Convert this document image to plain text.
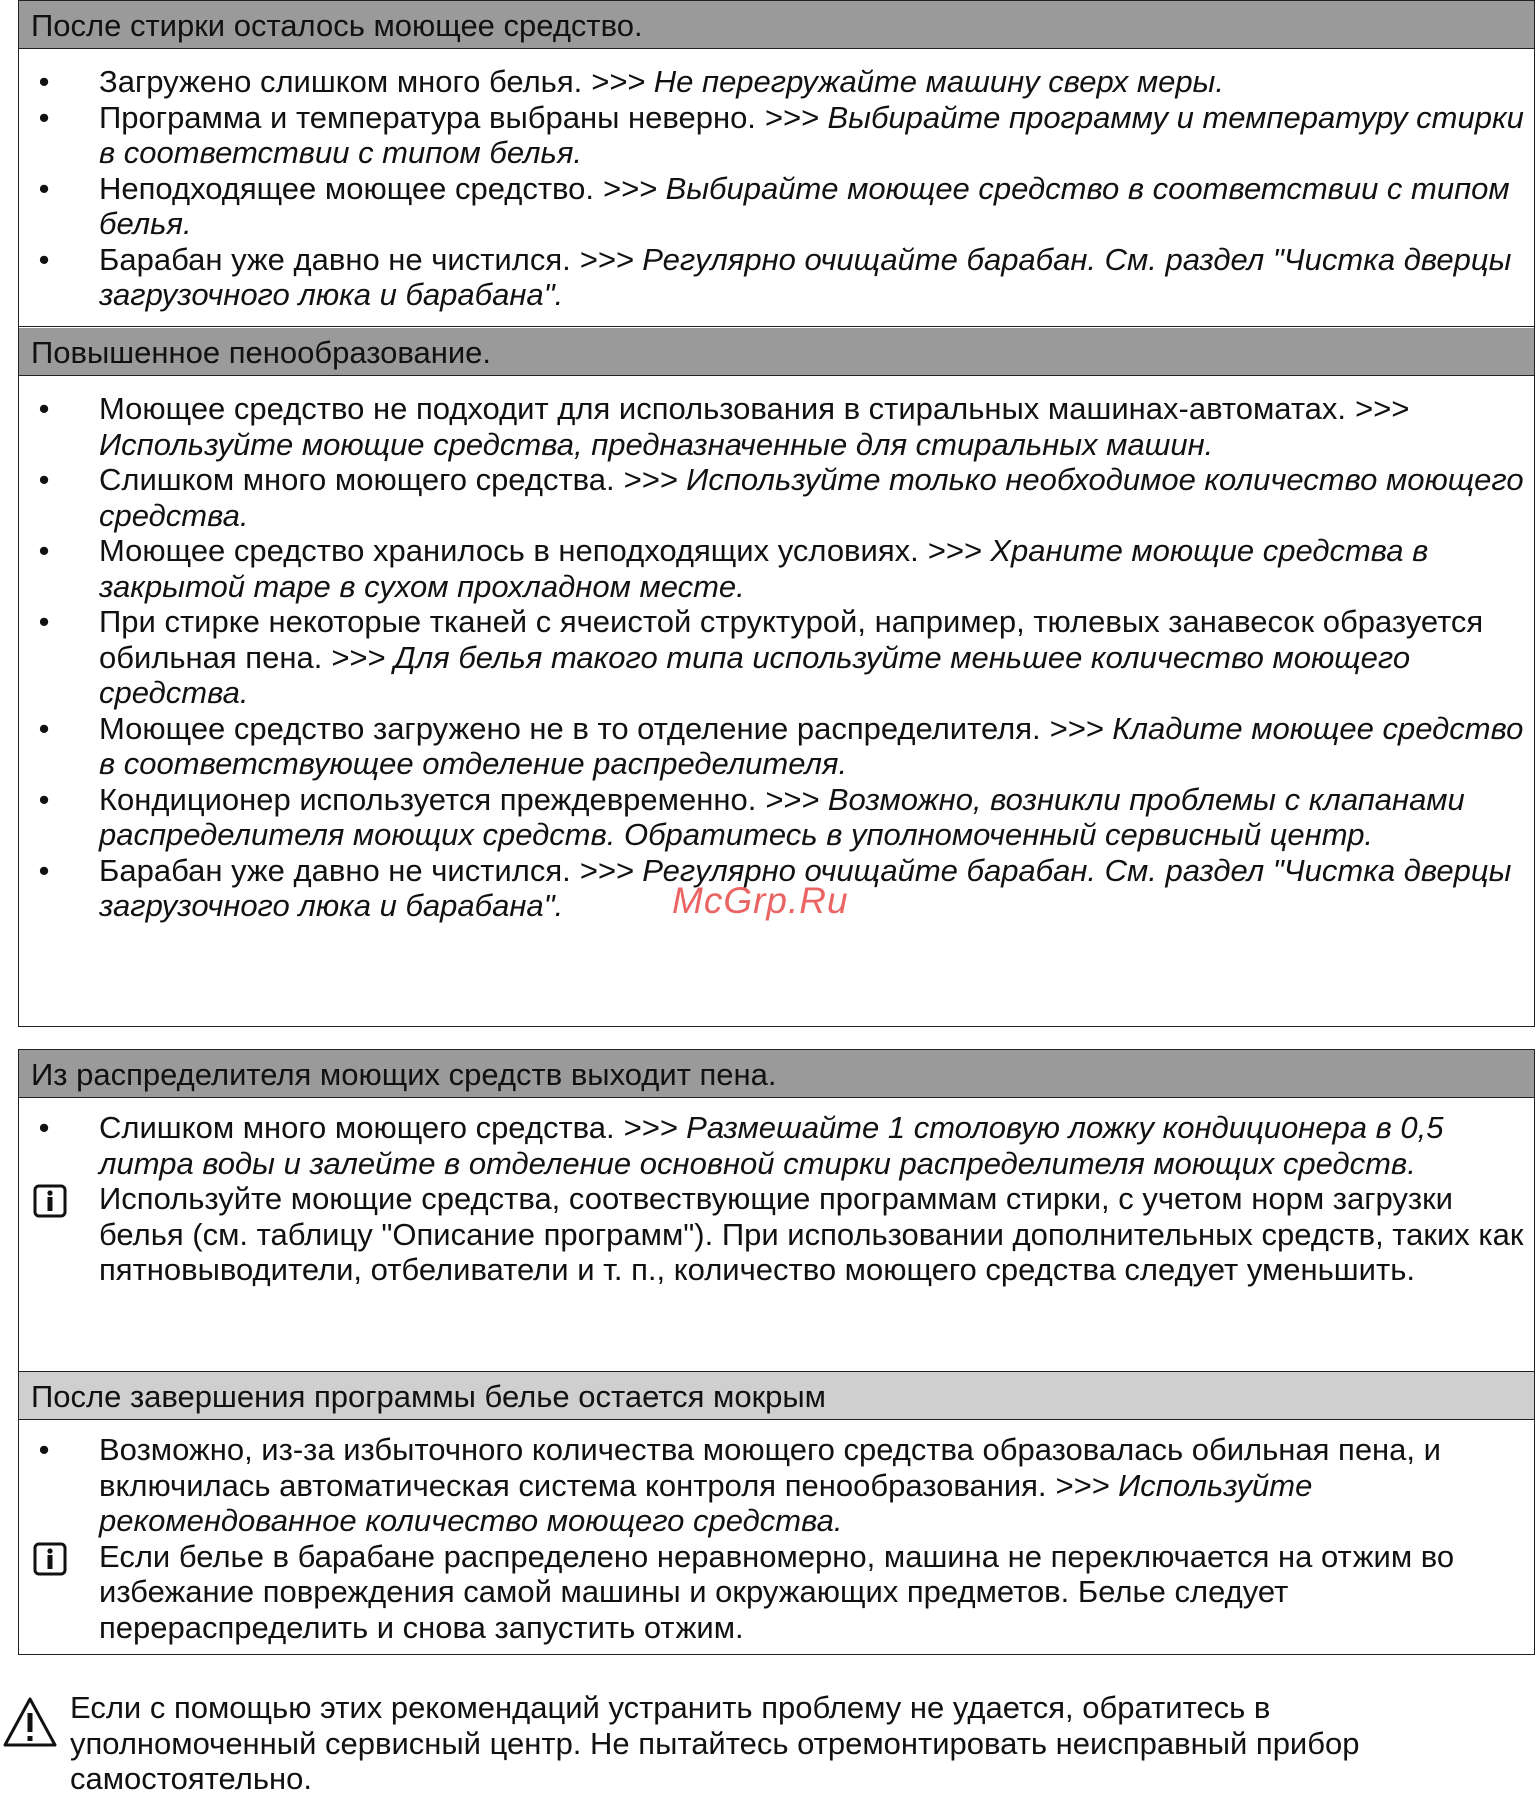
После стирки осталось моющее средство.
•	Загружено слишком много белья. >>> Не перегружайте машину сверх меры.
•	Программа и температура выбраны неверно. >>> Выбирайте программу и температуру стирки в соответствии с типом белья.
•	Неподходящее моющее средство. >>> Выбирайте моющее средство в соответствии с типом белья.
•	Барабан уже давно не чистился. >>> Регулярно очищайте барабан. См. раздел "Чистка дверцы загрузочного люка и барабана".
Повышенное пенообразование.
•	Моющее средство не подходит для использования в стиральных машинах-автоматах. >>> Используйте моющие средства, предназначенные для стиральных машин.
•	Слишком много моющего средства. >>> Используйте только необходимое количество моющего средства.
•	Моющее средство хранилось в неподходящих условиях. >>> Храните моющие средства в закрытой таре в сухом прохладном месте.
•	При стирке некоторые тканей с ячеистой структурой, например, тюлевых занавесок образуется обильная пена. >>> Для белья такого типа используйте меньшее количество моющего средства.
•	Моющее средство загружено не в то отделение распределителя. >>> Кладите моющее средство в соответствующее отделение распределителя.
•	Кондиционер используется преждевременно. >>> Возможно, возникли проблемы с клапанами распределителя моющих средств. Обратитесь в уполномоченный сервисный центр.
•	Барабан уже давно не чистился. >>> Регулярно очищайте барабан. См. раздел "Чистка дверцы загрузочного люка и барабана".
Из распределителя моющих средств выходит пена.
•	Слишком много моющего средства. >>> Размешайте 1 столовую ложку кондиционера в 0,5 литра воды и залейте в отделение основной стирки распределителя моющих средств.
Используйте моющие средства, соотвествующие программам стирки, с учетом норм загрузки белья (см. таблицу "Описание программ"). При использовании дополнительных средств, таких как пятновыводители, отбеливатели и т. п., количество моющего средства следует уменьшить.
После завершения программы белье остается мокрым
•	Возможно, из-за избыточного количества моющего средства образовалась обильная пена, и включилась автоматическая система контроля пенообразования. >>> Используйте рекомендованное количество моющего средства.
Если белье в барабане распределено неравномерно, машина не переключается на отжим во избежание повреждения самой машины и окружающих предметов. Белье следует перераспределить и снова запустить отжим.
McGrp.Ru
Если с помощью этих рекомендаций устранить проблему не удается, обратитесь в уполномоченный сервисный центр. Не пытайтесь отремонтировать неисправный прибор самостоятельно.
